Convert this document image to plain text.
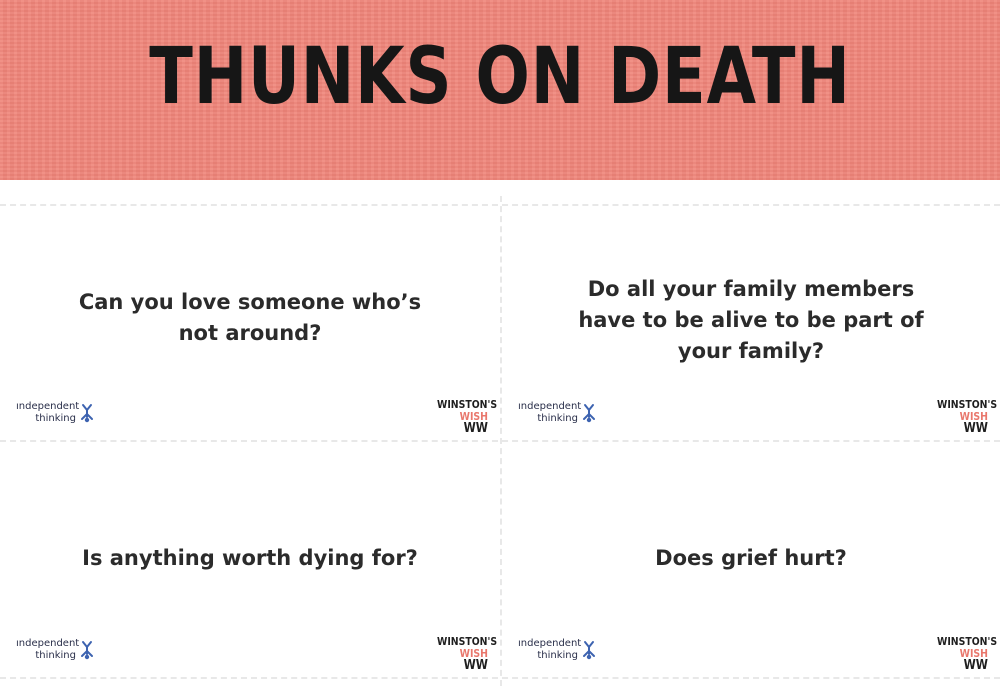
THUNKS ON DEATH
Can you love someone who’s
not around?
ındependent
thinking
WINSTON'S
WISH WW
Do all your family members
have to be alive to be part of
your family?
ındependent
thinking
WINSTON'S
WISH WW
Is anything worth dying for?
ındependent
thinking
WINSTON'S
WISH WW
Does grief hurt?
ındependent
thinking
WINSTON'S
WISH WW
